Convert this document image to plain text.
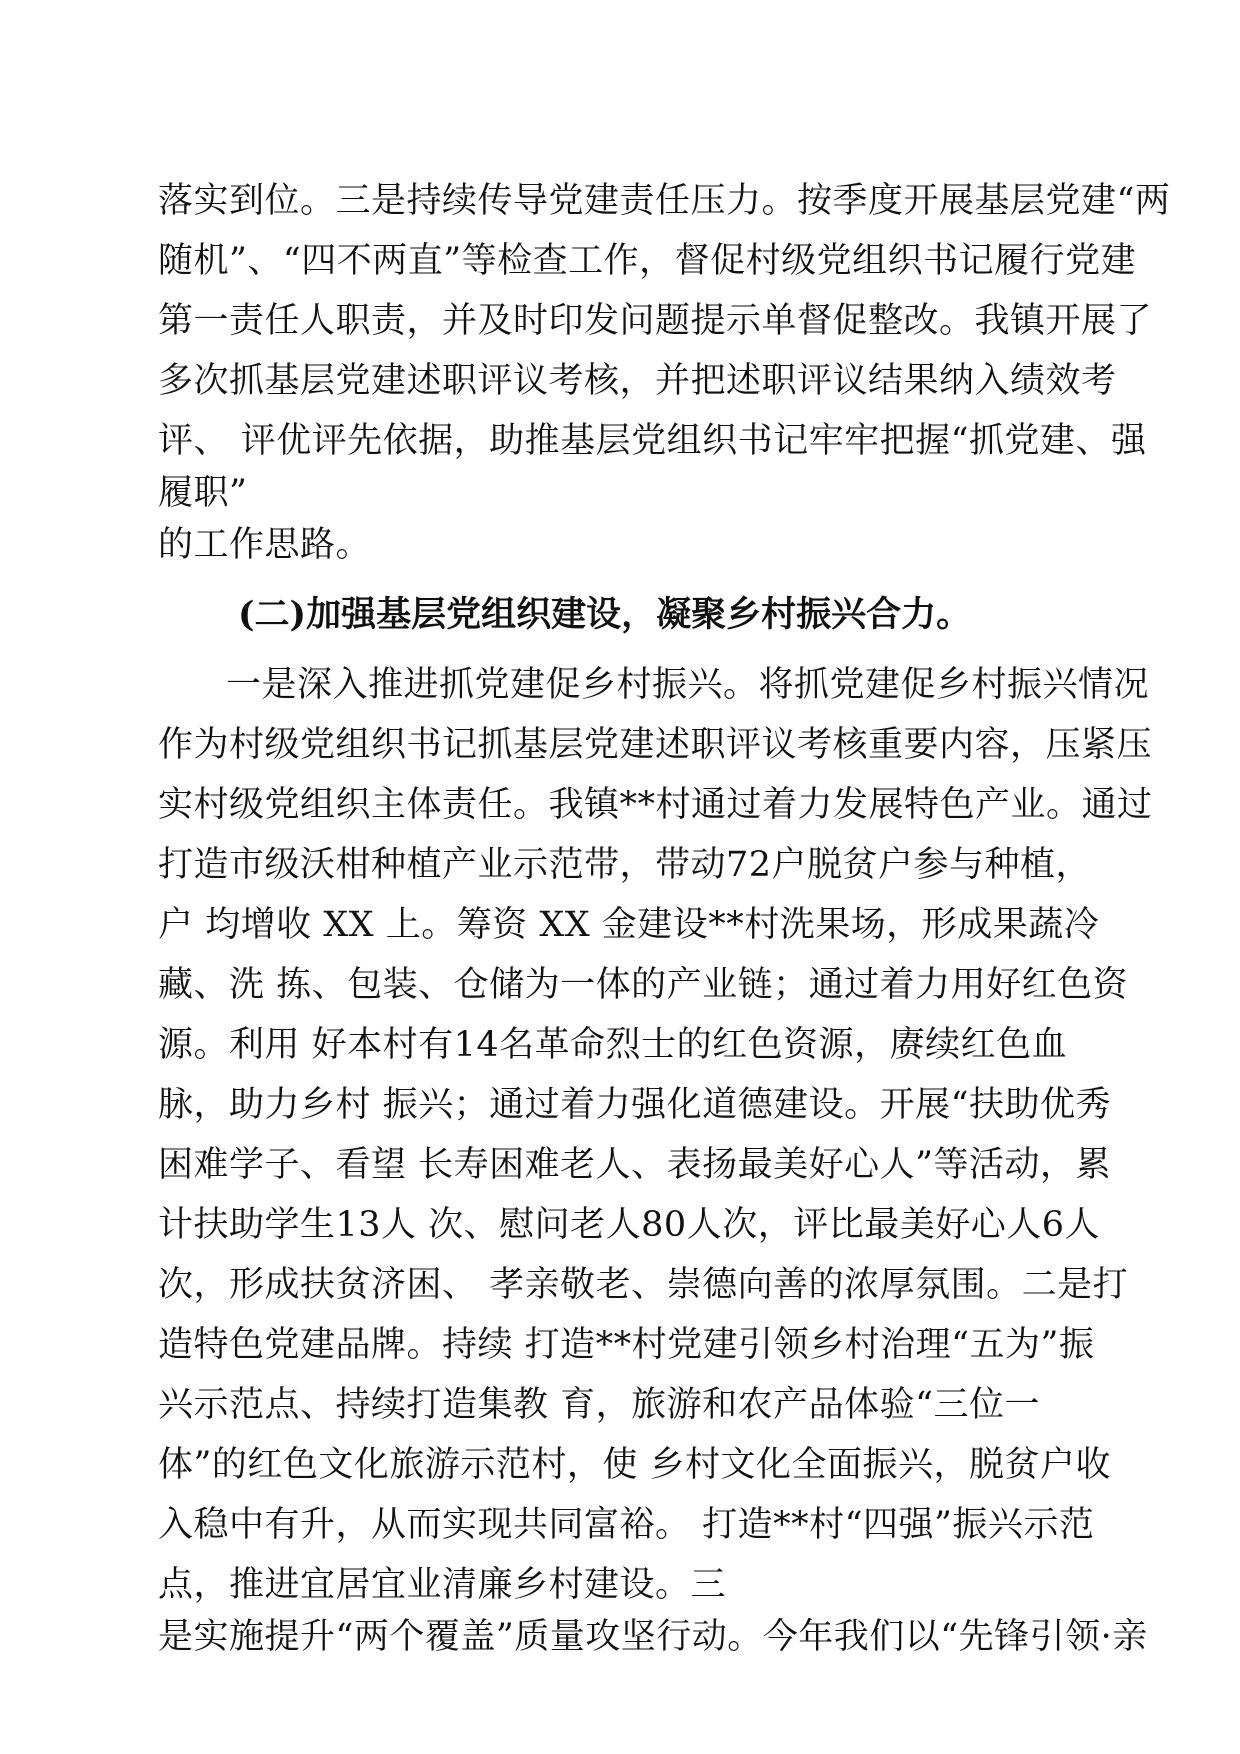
落实到位。三是持续传导党建责任压力。按季度开展基层党建“两
随机”、“四不两直”等检查工作，督促村级党组织书记履行党建
第一责任人职责，并及时印发问题提示单督促整改。我镇开展了
多次抓基层党建述职评议考核，并把述职评议结果纳入绩效考
评、 评优评先依据，助推基层党组织书记牢牢把握“抓党建、强
履职”
的工作思路。
(二)加强基层党组织建设，凝聚乡村振兴合力。
一是深入推进抓党建促乡村振兴。将抓党建促乡村振兴情况
作为村级党组织书记抓基层党建述职评议考核重要内容，压紧压
实村级党组织主体责任。我镇**村通过着力发展特色产业。通过
打造市级沃柑种植产业示范带，带动72户脱贫户参与种植，
户 均增收 XX 上。筹资 XX 金建设**村洗果场，形成果蔬冷
藏、洗 拣、包装、仓储为一体的产业链；通过着力用好红色资
源。利用 好本村有14名革命烈士的红色资源，赓续红色血
脉，助力乡村 振兴；通过着力强化道德建设。开展“扶助优秀
困难学子、看望 长寿困难老人、表扬最美好心人”等活动，累
计扶助学生13人 次、慰问老人80人次，评比最美好心人6人
次，形成扶贫济困、 孝亲敬老、崇德向善的浓厚氛围。二是打
造特色党建品牌。持续 打造**村党建引领乡村治理“五为”振
兴示范点、持续打造集教 育，旅游和农产品体验“三位一
体”的红色文化旅游示范村，使 乡村文化全面振兴，脱贫户收
入稳中有升，从而实现共同富裕。 打造**村“四强”振兴示范
点，推进宜居宜业清廉乡村建设。三
是实施提升“两个覆盖”质量攻坚行动。今年我们以“先锋引领·亲
